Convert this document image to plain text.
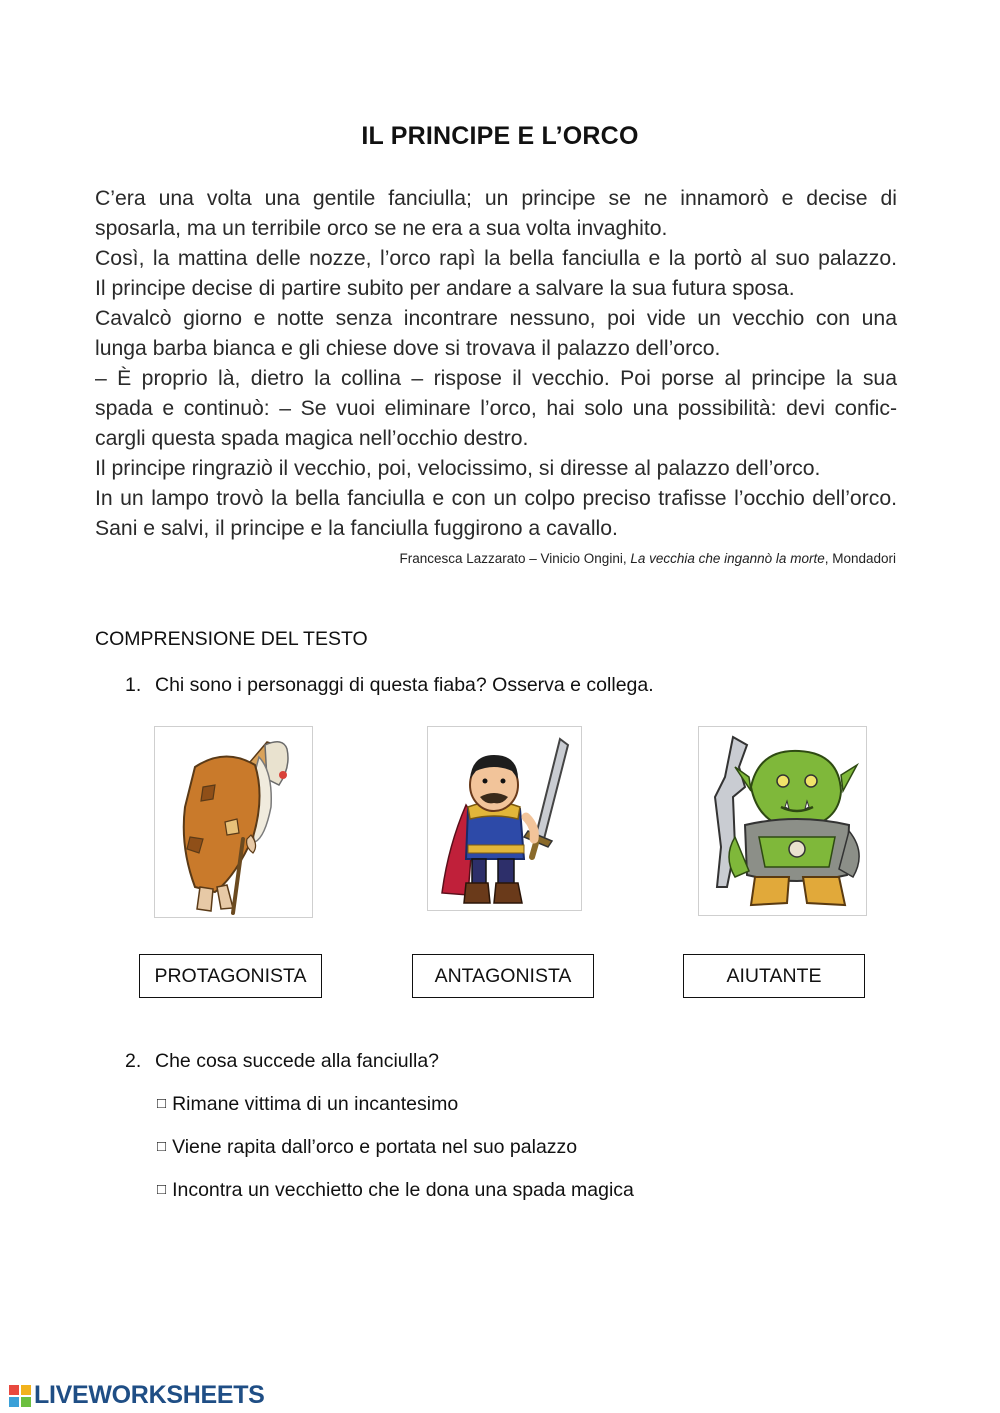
IL PRINCIPE E L’ORCO
C’era una volta una gentile fanciulla; un principe se ne innamorò e decise di
sposarla, ma un terribile orco se ne era a sua volta invaghito.
Così, la mattina delle nozze, l’orco rapì la bella fanciulla e la portò al suo palazzo.
Il principe decise di partire subito per andare a salvare la sua futura sposa.
Cavalcò giorno e notte senza incontrare nessuno, poi vide un vecchio con una
lunga barba bianca e gli chiese dove si trovava il palazzo dell’orco.
– È proprio là, dietro la collina – rispose il vecchio. Poi porse al principe la sua
spada e continuò: – Se vuoi eliminare l’orco, hai solo una possibilità: devi confic-
cargli questa spada magica nell’occhio destro.
Il principe ringraziò il vecchio, poi, velocissimo, si diresse al palazzo dell’orco.
In un lampo trovò la bella fanciulla e con un colpo preciso trafisse l’occhio dell’orco.
Sani e salvi, il principe e la fanciulla fuggirono a cavallo.
Francesca Lazzarato – Vinicio Ongini, La vecchia che ingannò la morte, Mondadori
COMPRENSIONE DEL TESTO
1. Chi sono i personaggi di questa fiaba? Osserva e collega.
PROTAGONISTA	ANTAGONISTA	AIUTANTE
2. Che cosa succede alla fanciulla?
□ Rimane vittima di un incantesimo
□ Viene rapita dall’orco e portata nel suo palazzo
□ Incontra un vecchietto che le dona una spada magica
LIVEWORKSHEETS
